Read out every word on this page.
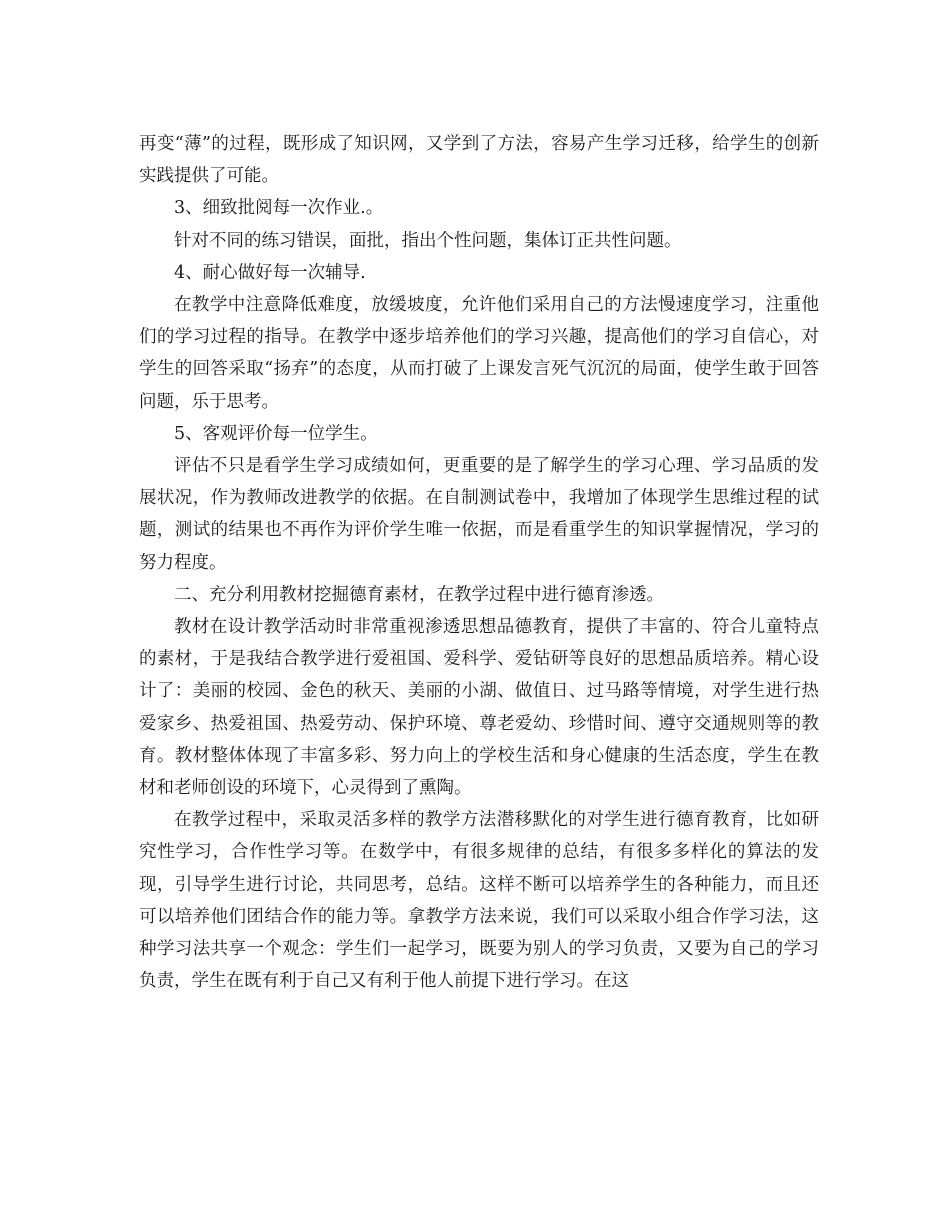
再变“薄”的过程，既形成了知识网，又学到了方法，容易产生学习迁移，给学生的创新实践提供了可能。

3、细致批阅每一次作业.。

针对不同的练习错误，面批，指出个性问题，集体订正共性问题。

4、耐心做好每一次辅导.

在教学中注意降低难度，放缓坡度，允许他们采用自己的方法慢速度学习，注重他们的学习过程的指导。在教学中逐步培养他们的学习兴趣，提高他们的学习自信心，对学生的回答采取“扬弃”的态度，从而打破了上课发言死气沉沉的局面，使学生敢于回答问题，乐于思考。

5、客观评价每一位学生。

评估不只是看学生学习成绩如何，更重要的是了解学生的学习心理、学习品质的发展状况，作为教师改进教学的依据。在自制测试卷中，我增加了体现学生思维过程的试题，测试的结果也不再作为评价学生唯一依据，而是看重学生的知识掌握情况，学习的努力程度。

二、充分利用教材挖掘德育素材，在教学过程中进行德育渗透。

教材在设计教学活动时非常重视渗透思想品德教育，提供了丰富的、符合儿童特点的素材，于是我结合教学进行爱祖国、爱科学、爱钻研等良好的思想品质培养。精心设计了：美丽的校园、金色的秋天、美丽的小湖、做值日、过马路等情境，对学生进行热爱家乡、热爱祖国、热爱劳动、保护环境、尊老爱幼、珍惜时间、遵守交通规则等的教育。教材整体体现了丰富多彩、努力向上的学校生活和身心健康的生活态度，学生在教材和老师创设的环境下，心灵得到了熏陶。

在教学过程中，采取灵活多样的教学方法潜移默化的对学生进行德育教育，比如研究性学习，合作性学习等。在数学中，有很多规律的总结，有很多多样化的算法的发现，引导学生进行讨论，共同思考，总结。这样不断可以培养学生的各种能力，而且还可以培养他们团结合作的能力等。拿教学方法来说，我们可以采取小组合作学习法，这种学习法共享一个观念：学生们一起学习，既要为别人的学习负责，又要为自己的学习负责，学生在既有利于自己又有利于他人前提下进行学习。在这
